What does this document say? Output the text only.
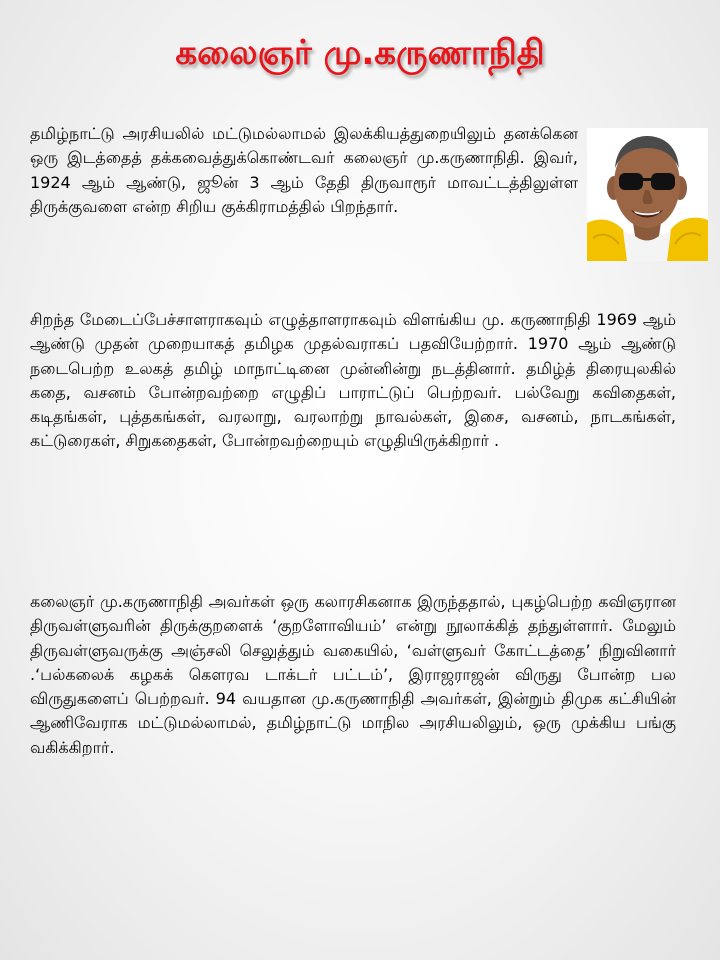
கலைஞர் மு.கருணாநிதி

தமிழ்நாட்டு அரசியலில் மட்டுமல்லாமல் இலக்கியத்துறையிலும் தனக்கென ஒரு இடத்தைத் தக்கவைத்துக்கொண்டவர் கலைஞர் மு.கருணாநிதி. இவர், 1924 ஆம் ஆண்டு, ஜூன் 3 ஆம் தேதி திருவாரூர் மாவட்டத்திலுள்ள திருக்குவளை என்ற சிறிய குக்கிராமத்தில் பிறந்தார்.

சிறந்த மேடைப்பேச்சாளராகவும் எழுத்தாளராகவும் விளங்கிய மு. கருணாநிதி 1969 ஆம் ஆண்டு முதன் முறையாகத் தமிழக முதல்வராகப் பதவியேற்றார். 1970 ஆம் ஆண்டு நடைபெற்ற உலகத் தமிழ் மாநாட்டினை முன்னின்று நடத்தினார். தமிழ்த் திரையுலகில் கதை, வசனம் போன்றவற்றை எழுதிப் பாராட்டுப் பெற்றவர். பல்வேறு கவிதைகள், கடிதங்கள், புத்தகங்கள், வரலாறு, வரலாற்று நாவல்கள், இசை, வசனம், நாடகங்கள், கட்டுரைகள், சிறுகதைகள், போன்றவற்றையும் எழுதியிருக்கிறார் .

கலைஞர் மு.கருணாநிதி அவர்கள் ஒரு கலாரசிகனாக இருந்ததால், புகழ்பெற்ற கவிஞரான திருவள்ளுவரின் திருக்குறளைக் ‘குறளோவியம்’ என்று நூலாக்கித் தந்துள்ளார். மேலும் திருவள்ளுவருக்கு அஞ்சலி செலுத்தும் வகையில், ‘வள்ளுவர் கோட்டத்தை’ நிறுவினார் .‘பல்கலைக் கழகக் கௌரவ டாக்டர் பட்டம்’, இராஜராஜன் விருது போன்ற பல விருதுகளைப் பெற்றவர். 94 வயதான மு.கருணாநிதி அவர்கள், இன்றும் திமுக கட்சியின் ஆணிவேராக மட்டுமல்லாமல், தமிழ்நாட்டு மாநில அரசியலிலும், ஒரு முக்கிய பங்கு வகிக்கிறார்.
